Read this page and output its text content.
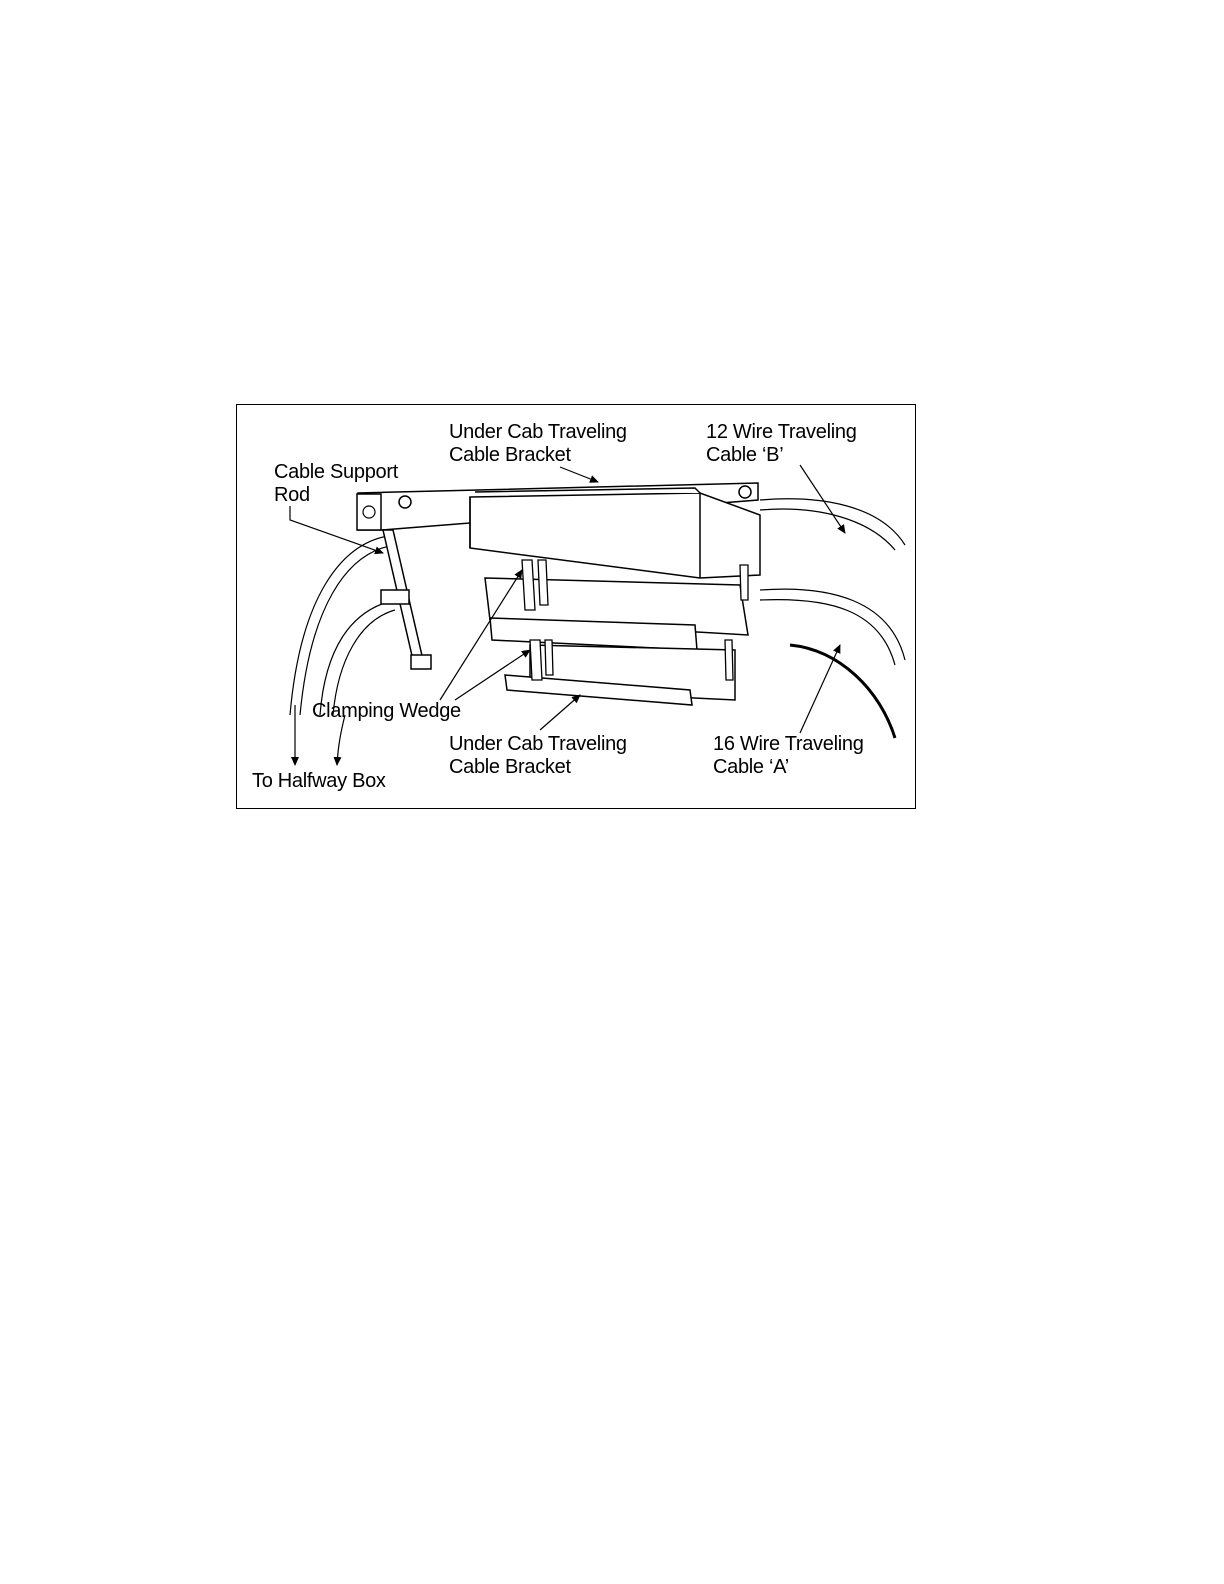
Under Cab Traveling
Cable Bracket
12 Wire Traveling
Cable ‘B’
Cable Support
Rod
Clamping Wedge
Under Cab Traveling
Cable Bracket
16 Wire Traveling
Cable ‘A’
To Halfway Box
